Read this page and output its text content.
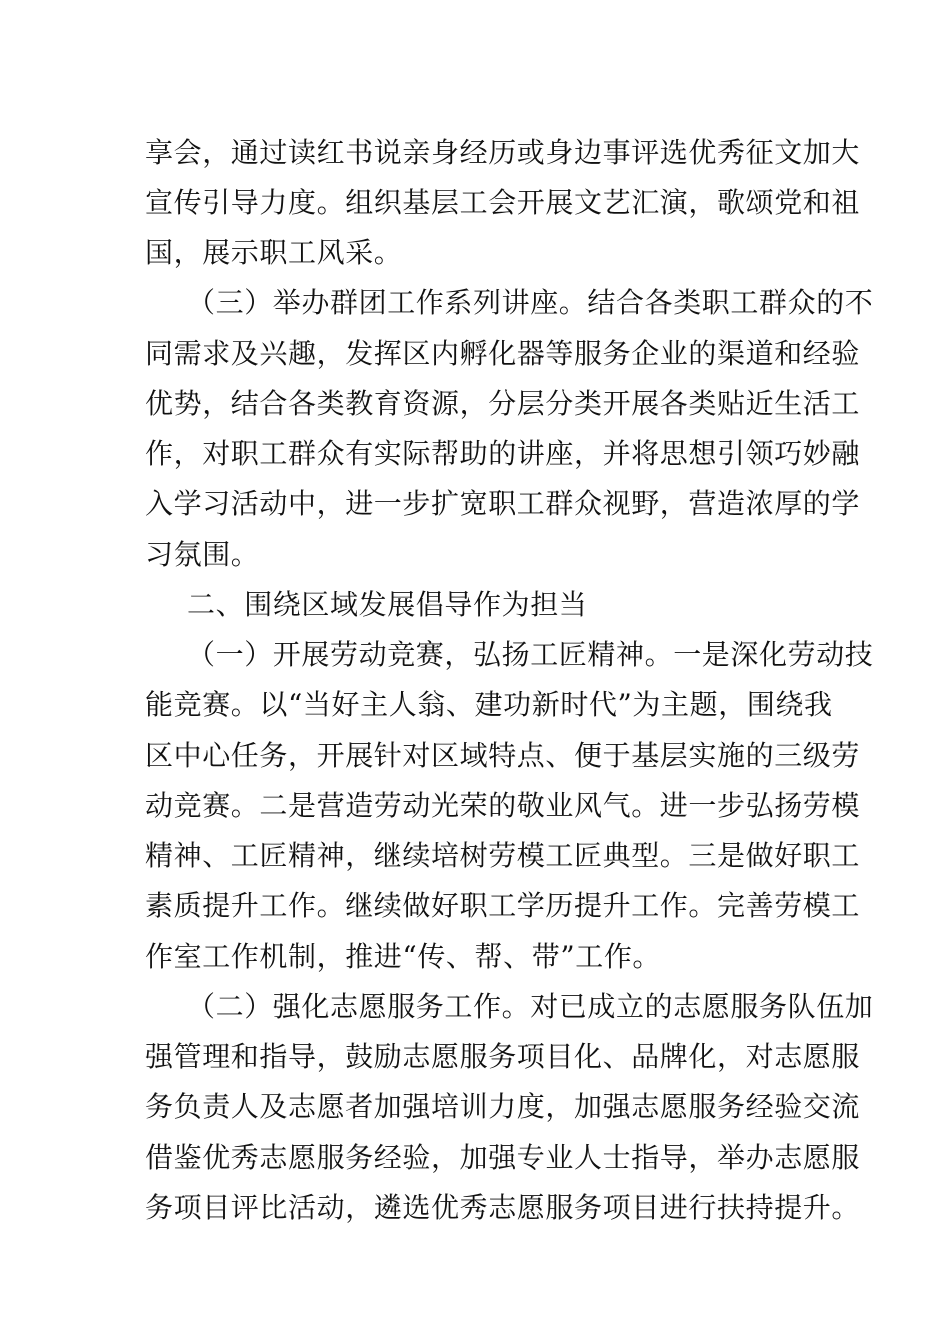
享会，通过读红书说亲身经历或身边事评选优秀征文加大
宣传引导力度。组织基层工会开展文艺汇演，歌颂党和祖
国，展示职工风采。
（三）举办群团工作系列讲座。结合各类职工群众的不
同需求及兴趣，发挥区内孵化器等服务企业的渠道和经验
优势，结合各类教育资源，分层分类开展各类贴近生活工
作，对职工群众有实际帮助的讲座，并将思想引领巧妙融
入学习活动中，进一步扩宽职工群众视野，营造浓厚的学
习氛围。
二、围绕区域发展倡导作为担当
（一）开展劳动竞赛，弘扬工匠精神。一是深化劳动技
能竞赛。以“当好主人翁、建功新时代”为主题，围绕我
区中心任务，开展针对区域特点、便于基层实施的三级劳
动竞赛。二是营造劳动光荣的敬业风气。进一步弘扬劳模
精神、工匠精神，继续培树劳模工匠典型。三是做好职工
素质提升工作。继续做好职工学历提升工作。完善劳模工
作室工作机制，推进“传、帮、带”工作。
（二）强化志愿服务工作。对已成立的志愿服务队伍加
强管理和指导，鼓励志愿服务项目化、品牌化，对志愿服
务负责人及志愿者加强培训力度，加强志愿服务经验交流
借鉴优秀志愿服务经验，加强专业人士指导，举办志愿服
务项目评比活动，遴选优秀志愿服务项目进行扶持提升。
